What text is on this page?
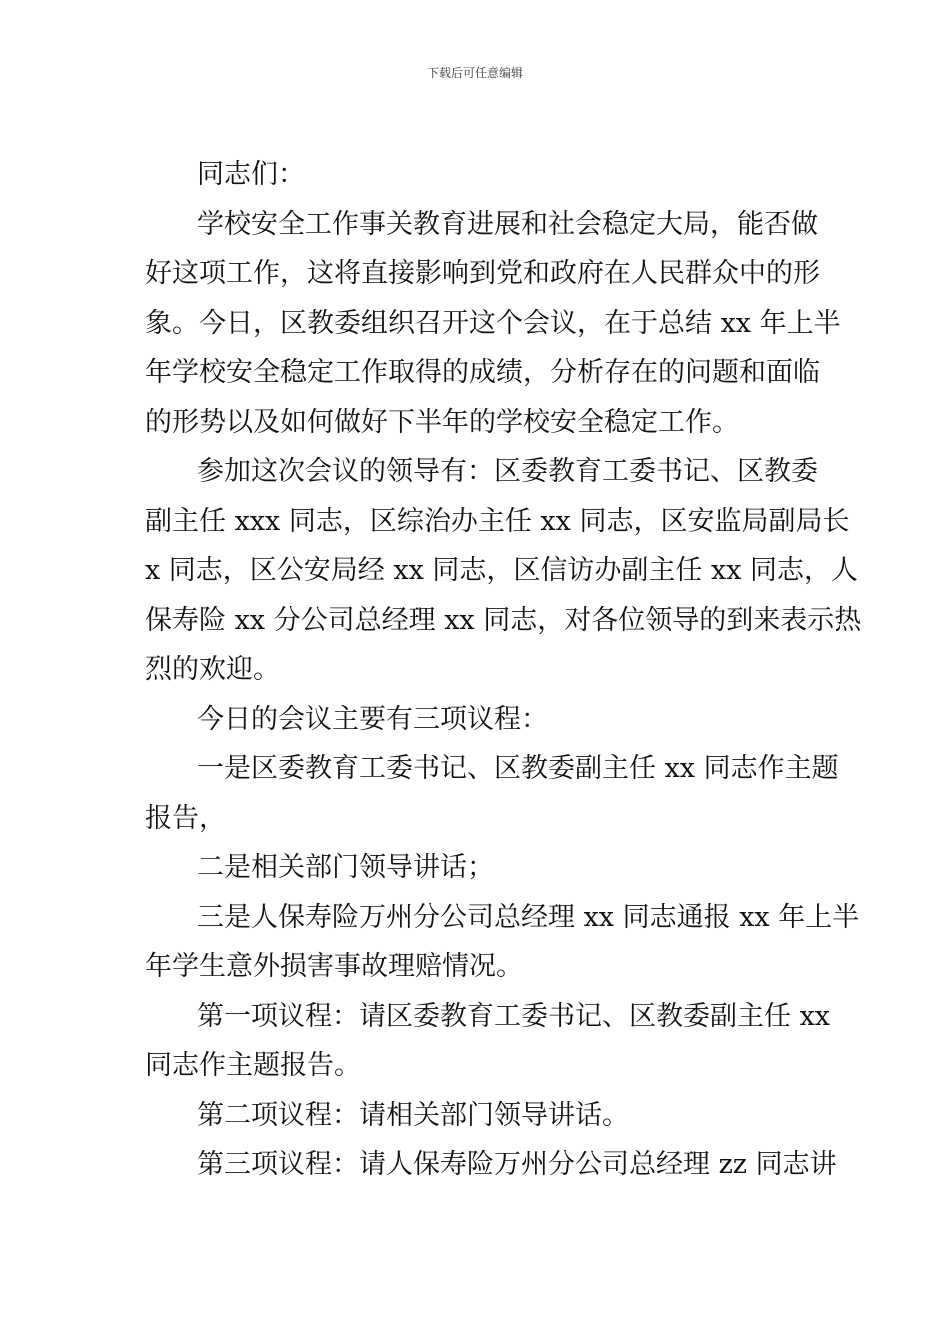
下载后可任意编辑
同志们：
学校安全工作事关教育进展和社会稳定大局，能否做
好这项工作，这将直接影响到党和政府在人民群众中的形
象。今日，区教委组织召开这个会议，在于总结 xx 年上半
年学校安全稳定工作取得的成绩，分析存在的问题和面临
的形势以及如何做好下半年的学校安全稳定工作。
参加这次会议的领导有：区委教育工委书记、区教委
副主任 xxx 同志，区综治办主任 xx 同志，区安监局副局长
x 同志，区公安局经 xx 同志，区信访办副主任 xx 同志，人
保寿险 xx 分公司总经理 xx 同志，对各位领导的到来表示热
烈的欢迎。
今日的会议主要有三项议程：
一是区委教育工委书记、区教委副主任 xx 同志作主题
报告，
二是相关部门领导讲话；
三是人保寿险万州分公司总经理 xx 同志通报 xx 年上半
年学生意外损害事故理赔情况。
第一项议程：请区委教育工委书记、区教委副主任 xx
同志作主题报告。
第二项议程：请相关部门领导讲话。
第三项议程：请人保寿险万州分公司总经理 zz 同志讲
